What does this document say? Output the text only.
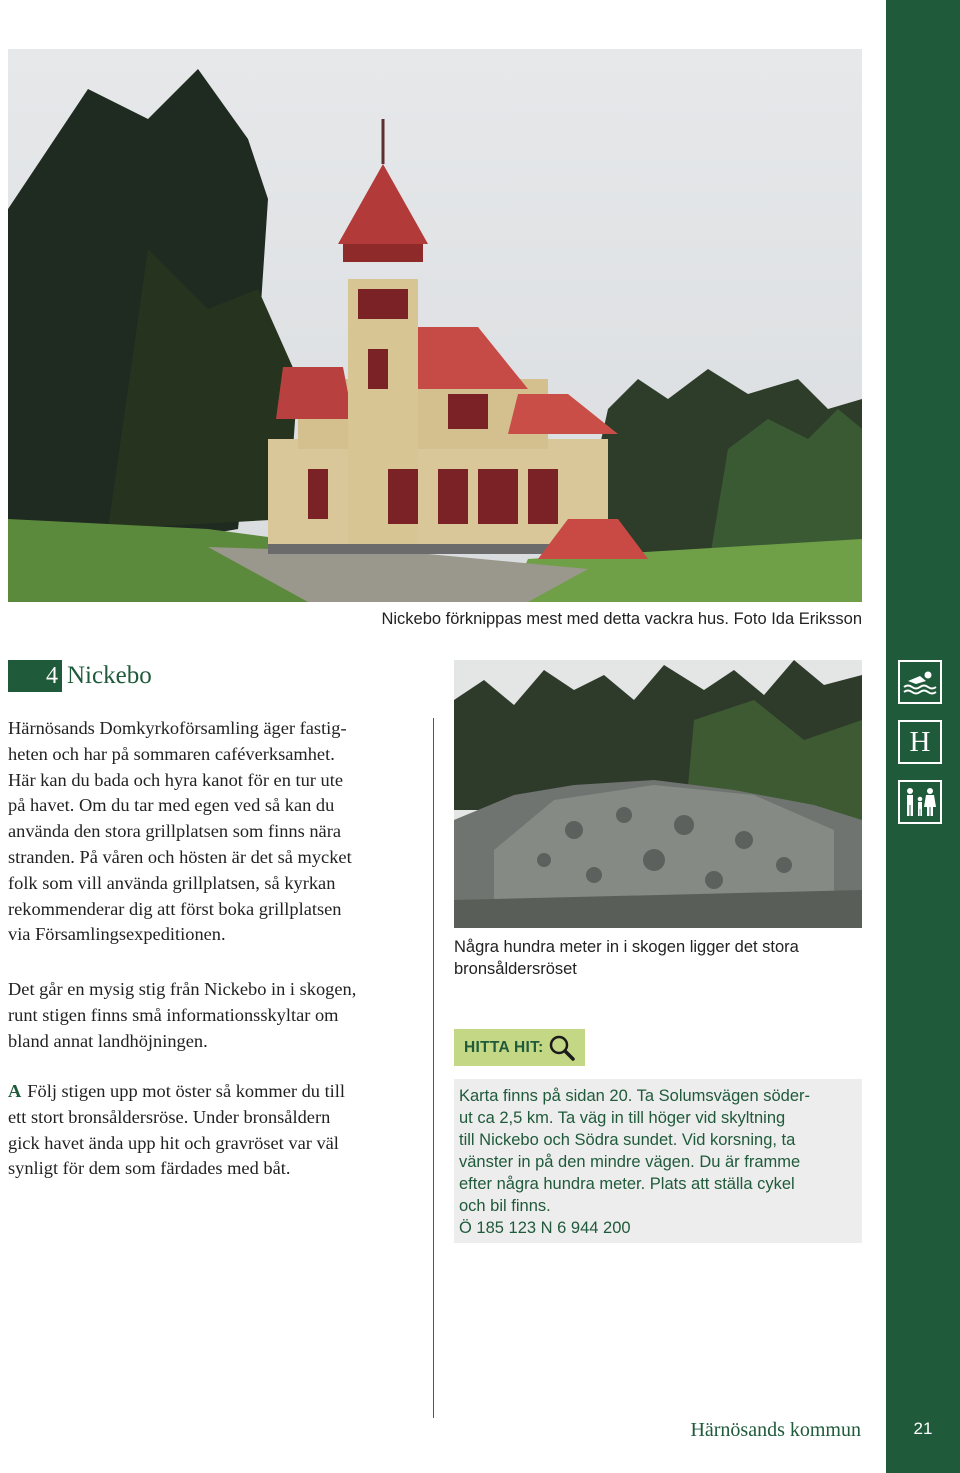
Nickebo förknippas mest med detta vackra hus. Foto Ida Eriksson
4 Nickebo

Härnösands Domkyrkoförsamling äger fastig-

heten och har på sommaren caféverksamhet.

Här kan du bada och hyra kanot för en tur ute

på havet. Om du tar med egen ved så kan du

använda den stora grillplatsen som finns nära

stranden. På våren och hösten är det så mycket

folk som vill använda grillplatsen, så kyrkan

rekommenderar dig att först boka grillplatsen

via Församlingsexpeditionen.

Det går en mysig stig från Nickebo in i skogen,

runt stigen finns små informationsskyltar om

bland annat landhöjningen.

A Följ stigen upp mot öster så kommer du till

ett stort bronsåldersröse. Under bronsåldern

gick havet ända upp hit och gravröset var väl

synligt för dem som färdades med båt.

Några hundra meter in i skogen ligger det stora
bronsåldersröset
HITTA HIT:
Karta finns på sidan 20. Ta Solumsvägen söder-
ut ca 2,5 km. Ta väg in till höger vid skyltning
till Nickebo och Södra sundet. Vid korsning, ta
vänster in på den mindre vägen. Du är framme
efter några hundra meter. Plats att ställa cykel
och bil finns.
Ö 185 123 N 6 944 200
H
Härnösands kommun	21
